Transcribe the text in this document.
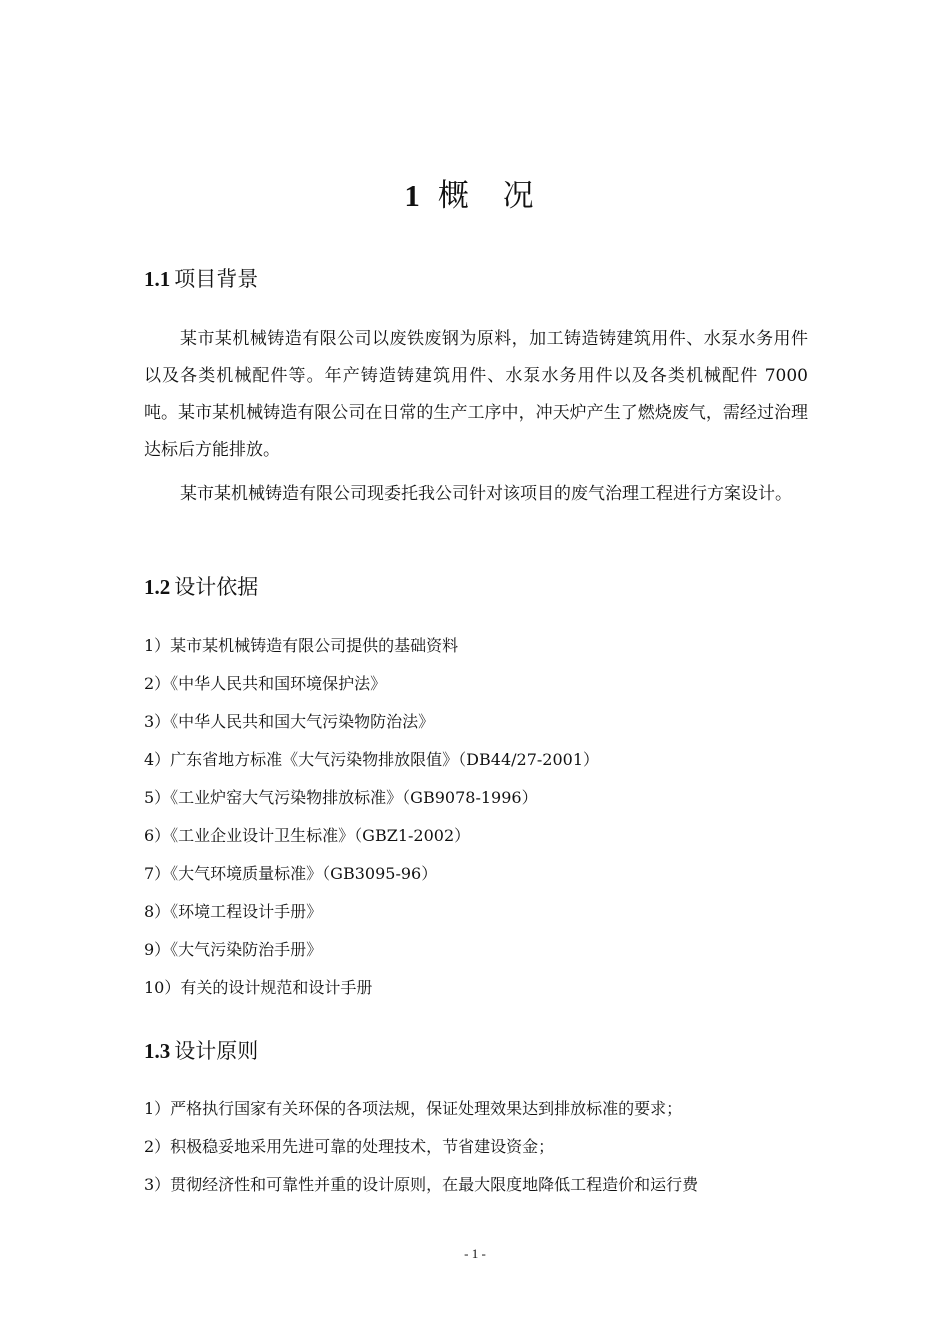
1 概 况
1.1 项目背景

某市某机械铸造有限公司以废铁废钢为原料，加工铸造铸建筑用件、水泵水务用件以及各类机械配件等。年产铸造铸建筑用件、水泵水务用件以及各类机械配件 7000 吨。某市某机械铸造有限公司在日常的生产工序中，冲天炉产生了燃烧废气，需经过治理达标后方能排放。

某市某机械铸造有限公司现委托我公司针对该项目的废气治理工程进行方案设计。

1.2 设计依据
1）某市某机械铸造有限公司提供的基础资料
2）《中华人民共和国环境保护法》
3）《中华人民共和国大气污染物防治法》
4）广东省地方标准《大气污染物排放限值》（DB44/27-2001）
5）《工业炉窑大气污染物排放标准》（GB9078-1996）
6）《工业企业设计卫生标准》（GBZ1-2002）
7）《大气环境质量标准》（GB3095-96）
8）《环境工程设计手册》
9）《大气污染防治手册》
10）有关的设计规范和设计手册
1.3 设计原则
1）严格执行国家有关环保的各项法规，保证处理效果达到排放标准的要求；
2）积极稳妥地采用先进可靠的处理技术，节省建设资金；
3）贯彻经济性和可靠性并重的设计原则，在最大限度地降低工程造价和运行费
- 1 -
